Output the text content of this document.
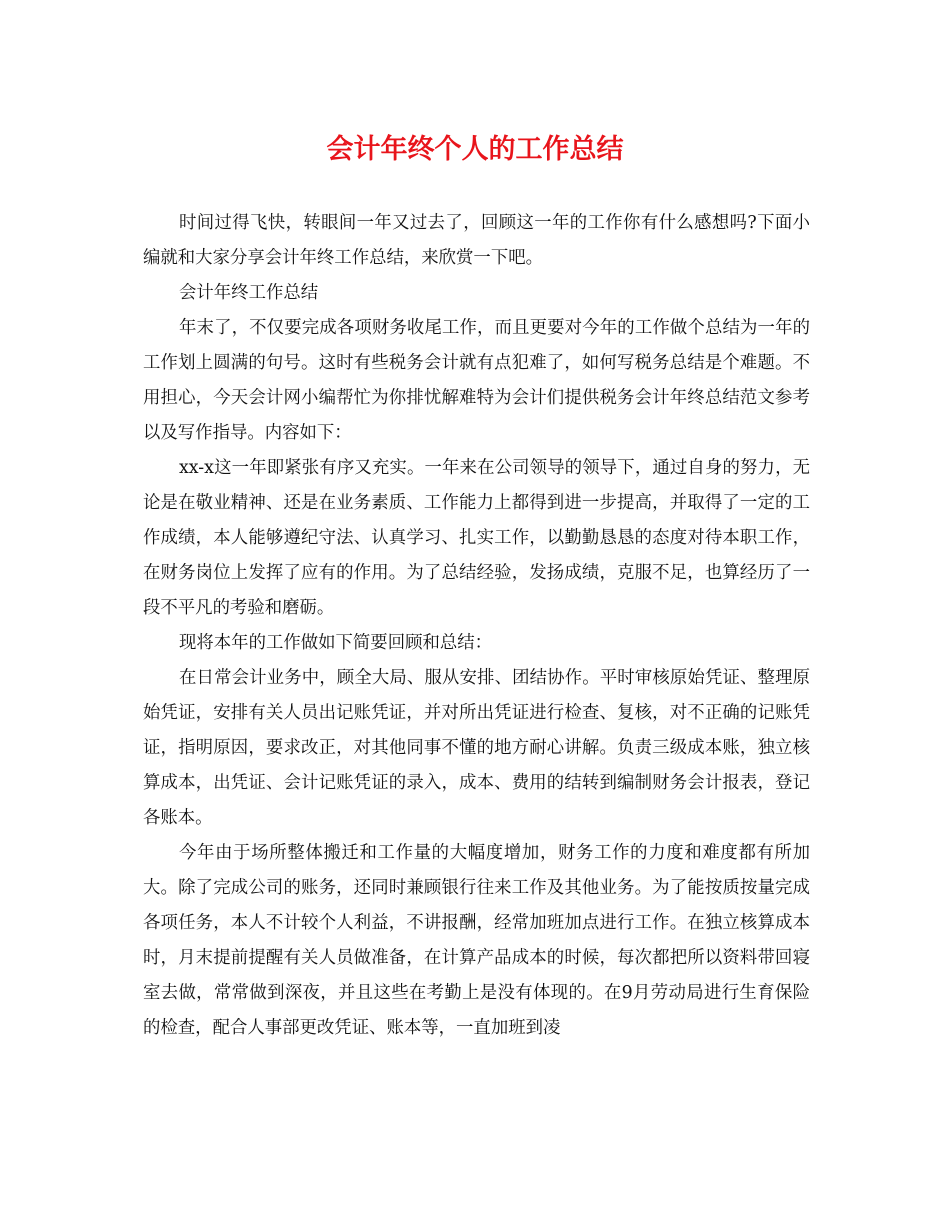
会计年终个人的工作总结

时间过得飞快，转眼间一年又过去了，回顾这一年的工作你有什么感想吗?下面小编就和大家分享会计年终工作总结，来欣赏一下吧。

会计年终工作总结

年末了，不仅要完成各项财务收尾工作，而且更要对今年的工作做个总结为一年的工作划上圆满的句号。这时有些税务会计就有点犯难了，如何写税务总结是个难题。不用担心，今天会计网小编帮忙为你排忧解难特为会计们提供税务会计年终总结范文参考以及写作指导。内容如下：

xx-x这一年即紧张有序又充实。一年来在公司领导的领导下，通过自身的努力，无论是在敬业精神、还是在业务素质、工作能力上都得到进一步提高，并取得了一定的工作成绩，本人能够遵纪守法、认真学习、扎实工作，以勤勤恳恳的态度对待本职工作，在财务岗位上发挥了应有的作用。为了总结经验，发扬成绩，克服不足，也算经历了一段不平凡的考验和磨砺。

现将本年的工作做如下简要回顾和总结：

在日常会计业务中，顾全大局、服从安排、团结协作。平时审核原始凭证、整理原始凭证，安排有关人员出记账凭证，并对所出凭证进行检查、复核，对不正确的记账凭证，指明原因，要求改正，对其他同事不懂的地方耐心讲解。负责三级成本账，独立核算成本，出凭证、会计记账凭证的录入，成本、费用的结转到编制财务会计报表，登记各账本。

今年由于场所整体搬迁和工作量的大幅度增加，财务工作的力度和难度都有所加大。除了完成公司的账务，还同时兼顾银行往来工作及其他业务。为了能按质按量完成各项任务，本人不计较个人利益，不讲报酬，经常加班加点进行工作。在独立核算成本时，月末提前提醒有关人员做准备，在计算产品成本的时候，每次都把所以资料带回寝室去做，常常做到深夜，并且这些在考勤上是没有体现的。在9月劳动局进行生育保险的检查，配合人事部更改凭证、账本等，一直加班到凌
